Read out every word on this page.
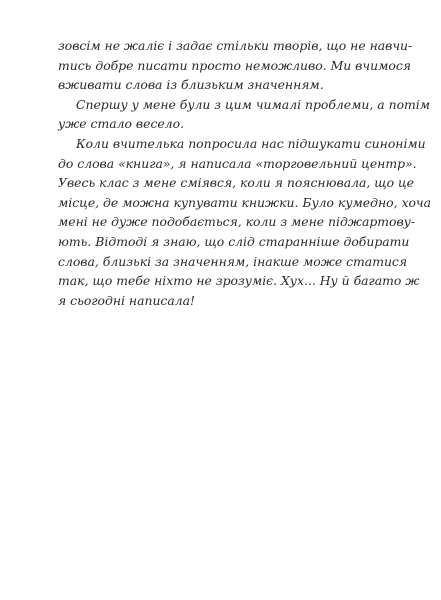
зовсім не жаліє і задає стільки творів, що не навчи-
тись добре писати просто неможливо. Ми вчимося
вживати слова із близьким значенням.
Спершу у мене були з цим чималі проблеми, а потім
уже стало весело.
Коли вчителька попросила нас підшукати синоніми
до слова «книга», я написала «торговельний центр».
Увесь клас з мене сміявся, коли я пояснювала, що це
місце, де можна купувати книжки. Було кумедно, хоча
мені не дуже подобається, коли з мене піджартову-
ють. Відтоді я знаю, що слід старанніше добирати
слова, близькі за значенням, інакше може статися
так, що тебе ніхто не зрозуміє. Хух... Ну й багато ж
я сьогодні написала!
